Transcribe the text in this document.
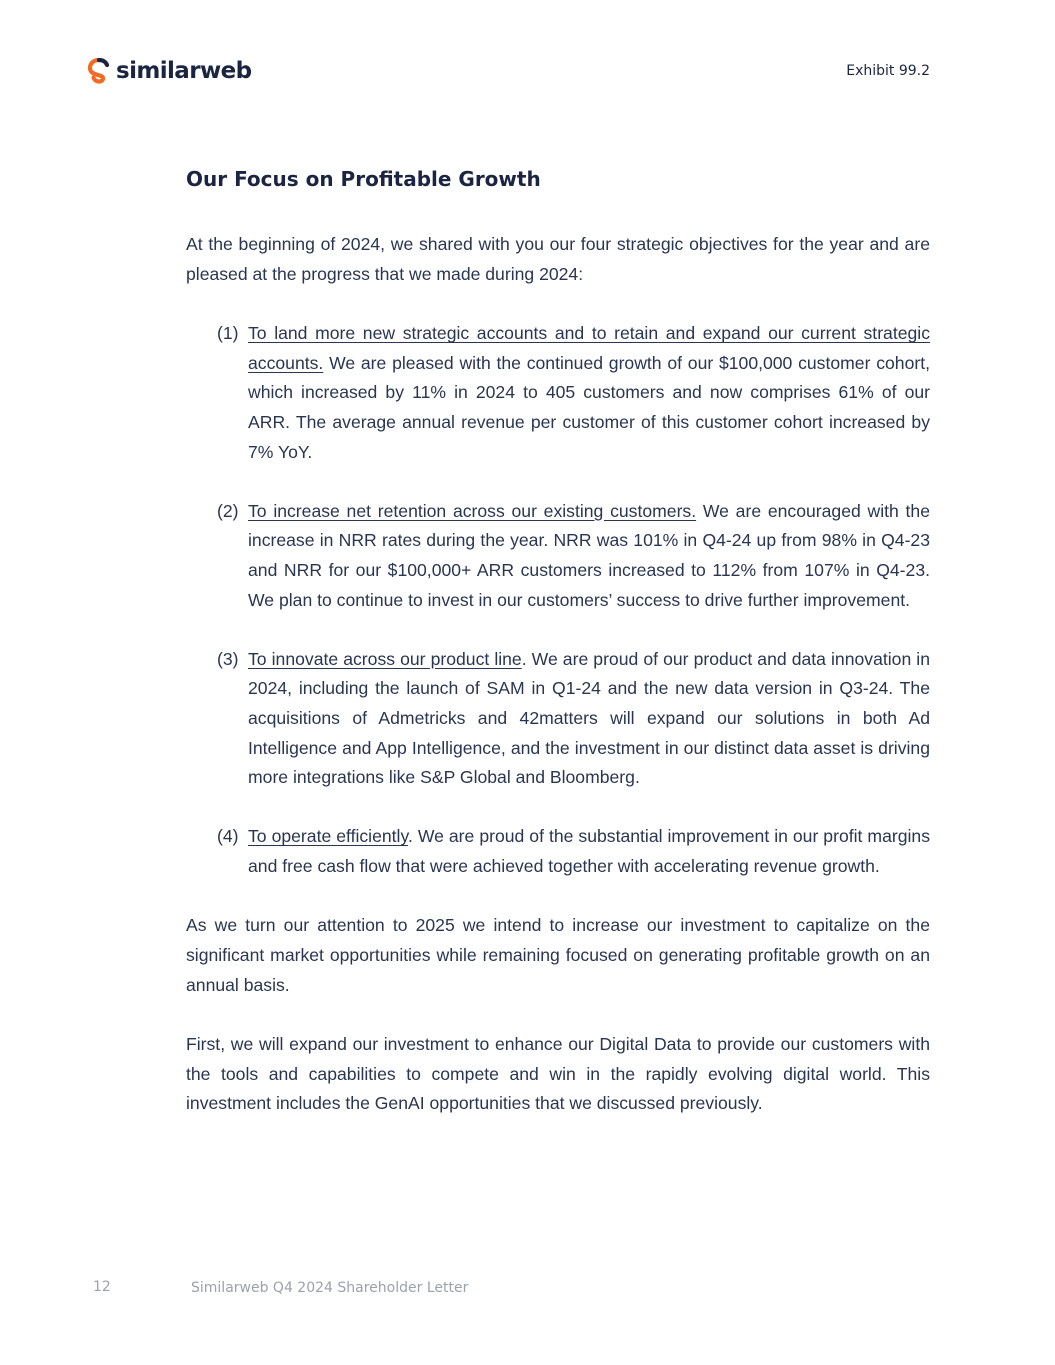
similarweb	Exhibit 99.2
Our Focus on Profitable Growth

At the beginning of 2024, we shared with you our four strategic objectives for the year and are pleased at the progress that we made during 2024:

(1) To land more new strategic accounts and to retain and expand our current strategic accounts. We are pleased with the continued growth of our $100,000 customer cohort, which increased by 11% in 2024 to 405 customers and now comprises 61% of our ARR. The average annual revenue per customer of this customer cohort increased by 7% YoY.
(2) To increase net retention across our existing customers. We are encouraged with the increase in NRR rates during the year. NRR was 101% in Q4-24 up from 98% in Q4-23 and NRR for our $100,000+ ARR customers increased to 112% from 107% in Q4-23. We plan to continue to invest in our customers’ success to drive further improvement.
(3) To innovate across our product line. We are proud of our product and data innovation in 2024, including the launch of SAM in Q1-24 and the new data version in Q3-24. The acquisitions of Admetricks and 42matters will expand our solutions in both Ad Intelligence and App Intelligence, and the investment in our distinct data asset is driving more integrations like S&P Global and Bloomberg.
(4) To operate efficiently. We are proud of the substantial improvement in our profit margins and free cash flow that were achieved together with accelerating revenue growth.

As we turn our attention to 2025 we intend to increase our investment to capitalize on the significant market opportunities while remaining focused on generating profitable growth on an annual basis.

First, we will expand our investment to enhance our Digital Data to provide our customers with the tools and capabilities to compete and win in the rapidly evolving digital world. This investment includes the GenAI opportunities that we discussed previously.

12	Similarweb Q4 2024 Shareholder Letter
